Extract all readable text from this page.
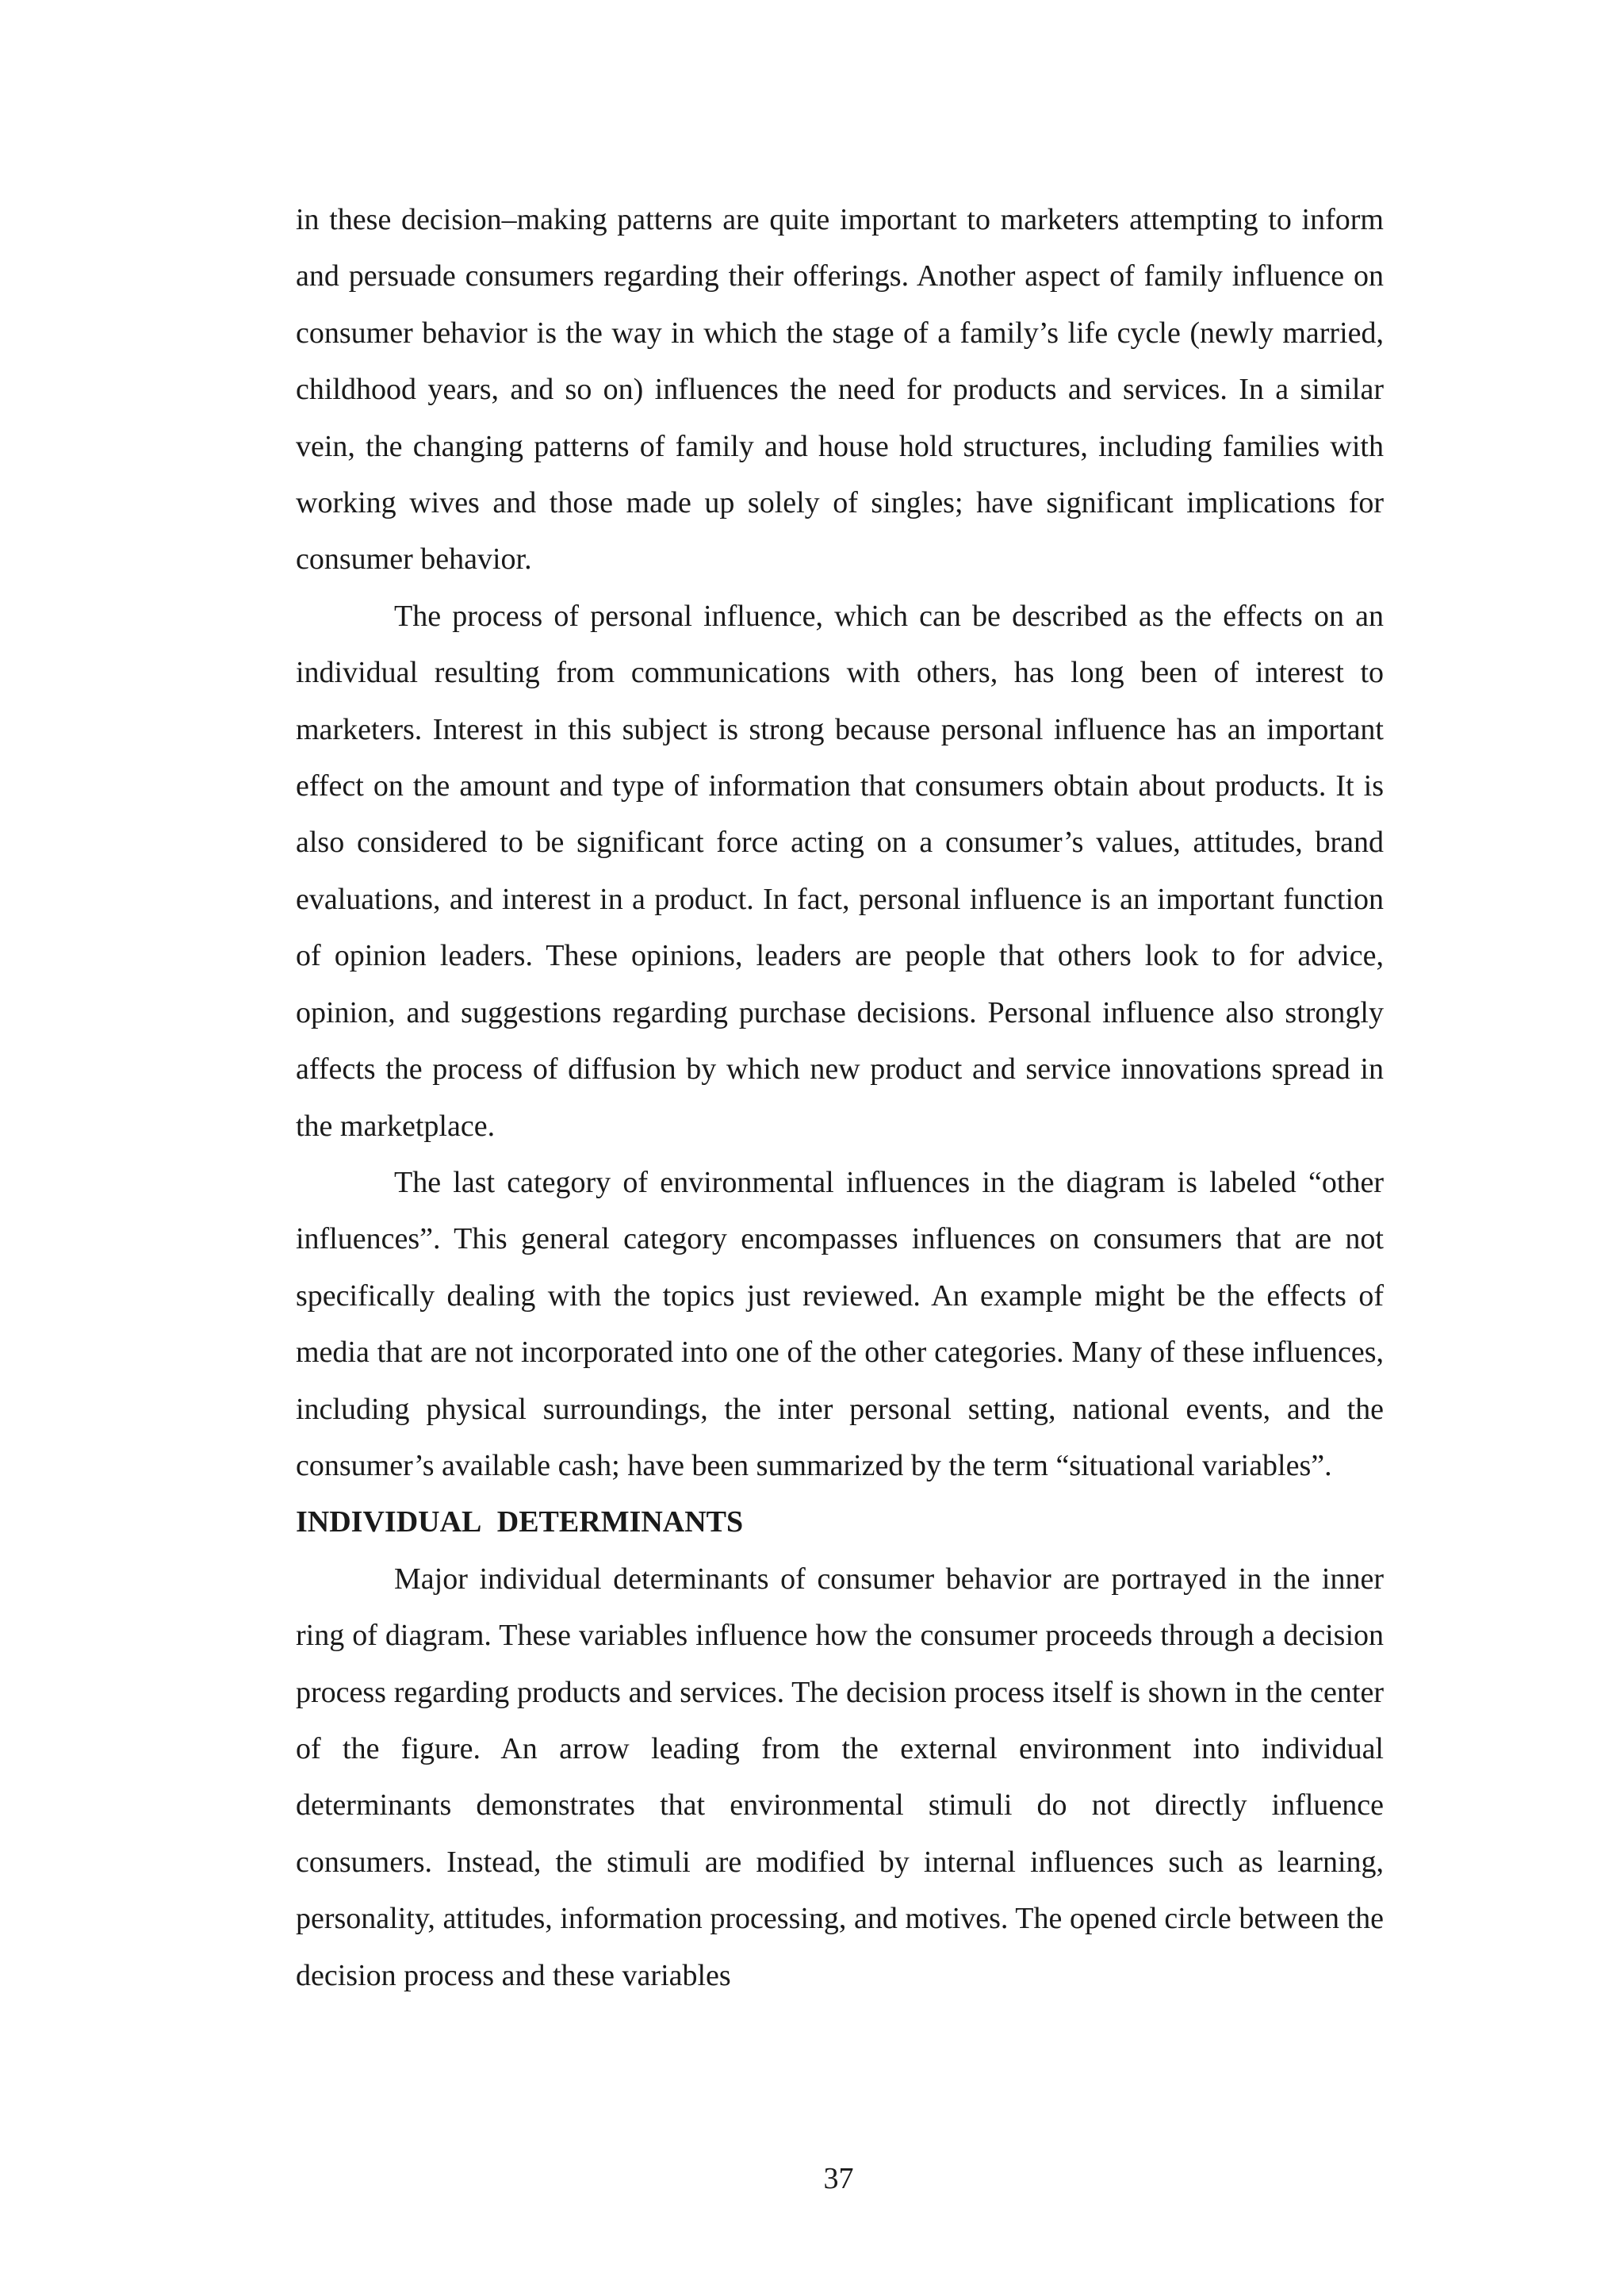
in these decision–making patterns are quite important to marketers attempting to inform and persuade consumers regarding their offerings. Another aspect of family influence on consumer behavior is the way in which the stage of a family’s life cycle (newly married, childhood years, and so on) influences the need for products and services. In a similar vein, the changing patterns of family and house hold structures, including families with working wives and those made up solely of singles; have significant implications for consumer behavior.

The process of personal influence, which can be described as the effects on an individual resulting from communications with others, has long been of interest to marketers. Interest in this subject is strong because personal influence has an important effect on the amount and type of information that consumers obtain about products. It is also considered to be significant force acting on a consumer’s values, attitudes, brand evaluations, and interest in a product. In fact, personal influence is an important function of opinion leaders. These opinions, leaders are people that others look to for advice, opinion, and suggestions regarding purchase decisions. Personal influence also strongly affects the process of diffusion by which new product and service innovations spread in the marketplace.

The last category of environmental influences in the diagram is labeled “other influences”. This general category encompasses influences on consumers that are not specifically dealing with the topics just reviewed. An example might be the effects of media that are not incorporated into one of the other categories. Many of these influences, including physical surroundings, the inter personal setting, national events, and the consumer’s available cash; have been summarized by the term “situational variables”.

INDIVIDUAL DETERMINANTS

Major individual determinants of consumer behavior are portrayed in the inner ring of diagram. These variables influence how the consumer proceeds through a decision process regarding products and services. The decision process itself is shown in the center of the figure. An arrow leading from the external environment into individual determinants demonstrates that environmental stimuli do not directly influence consumers. Instead, the stimuli are modified by internal influences such as learning, personality, attitudes, information processing, and motives. The opened circle between the decision process and these variables

37
